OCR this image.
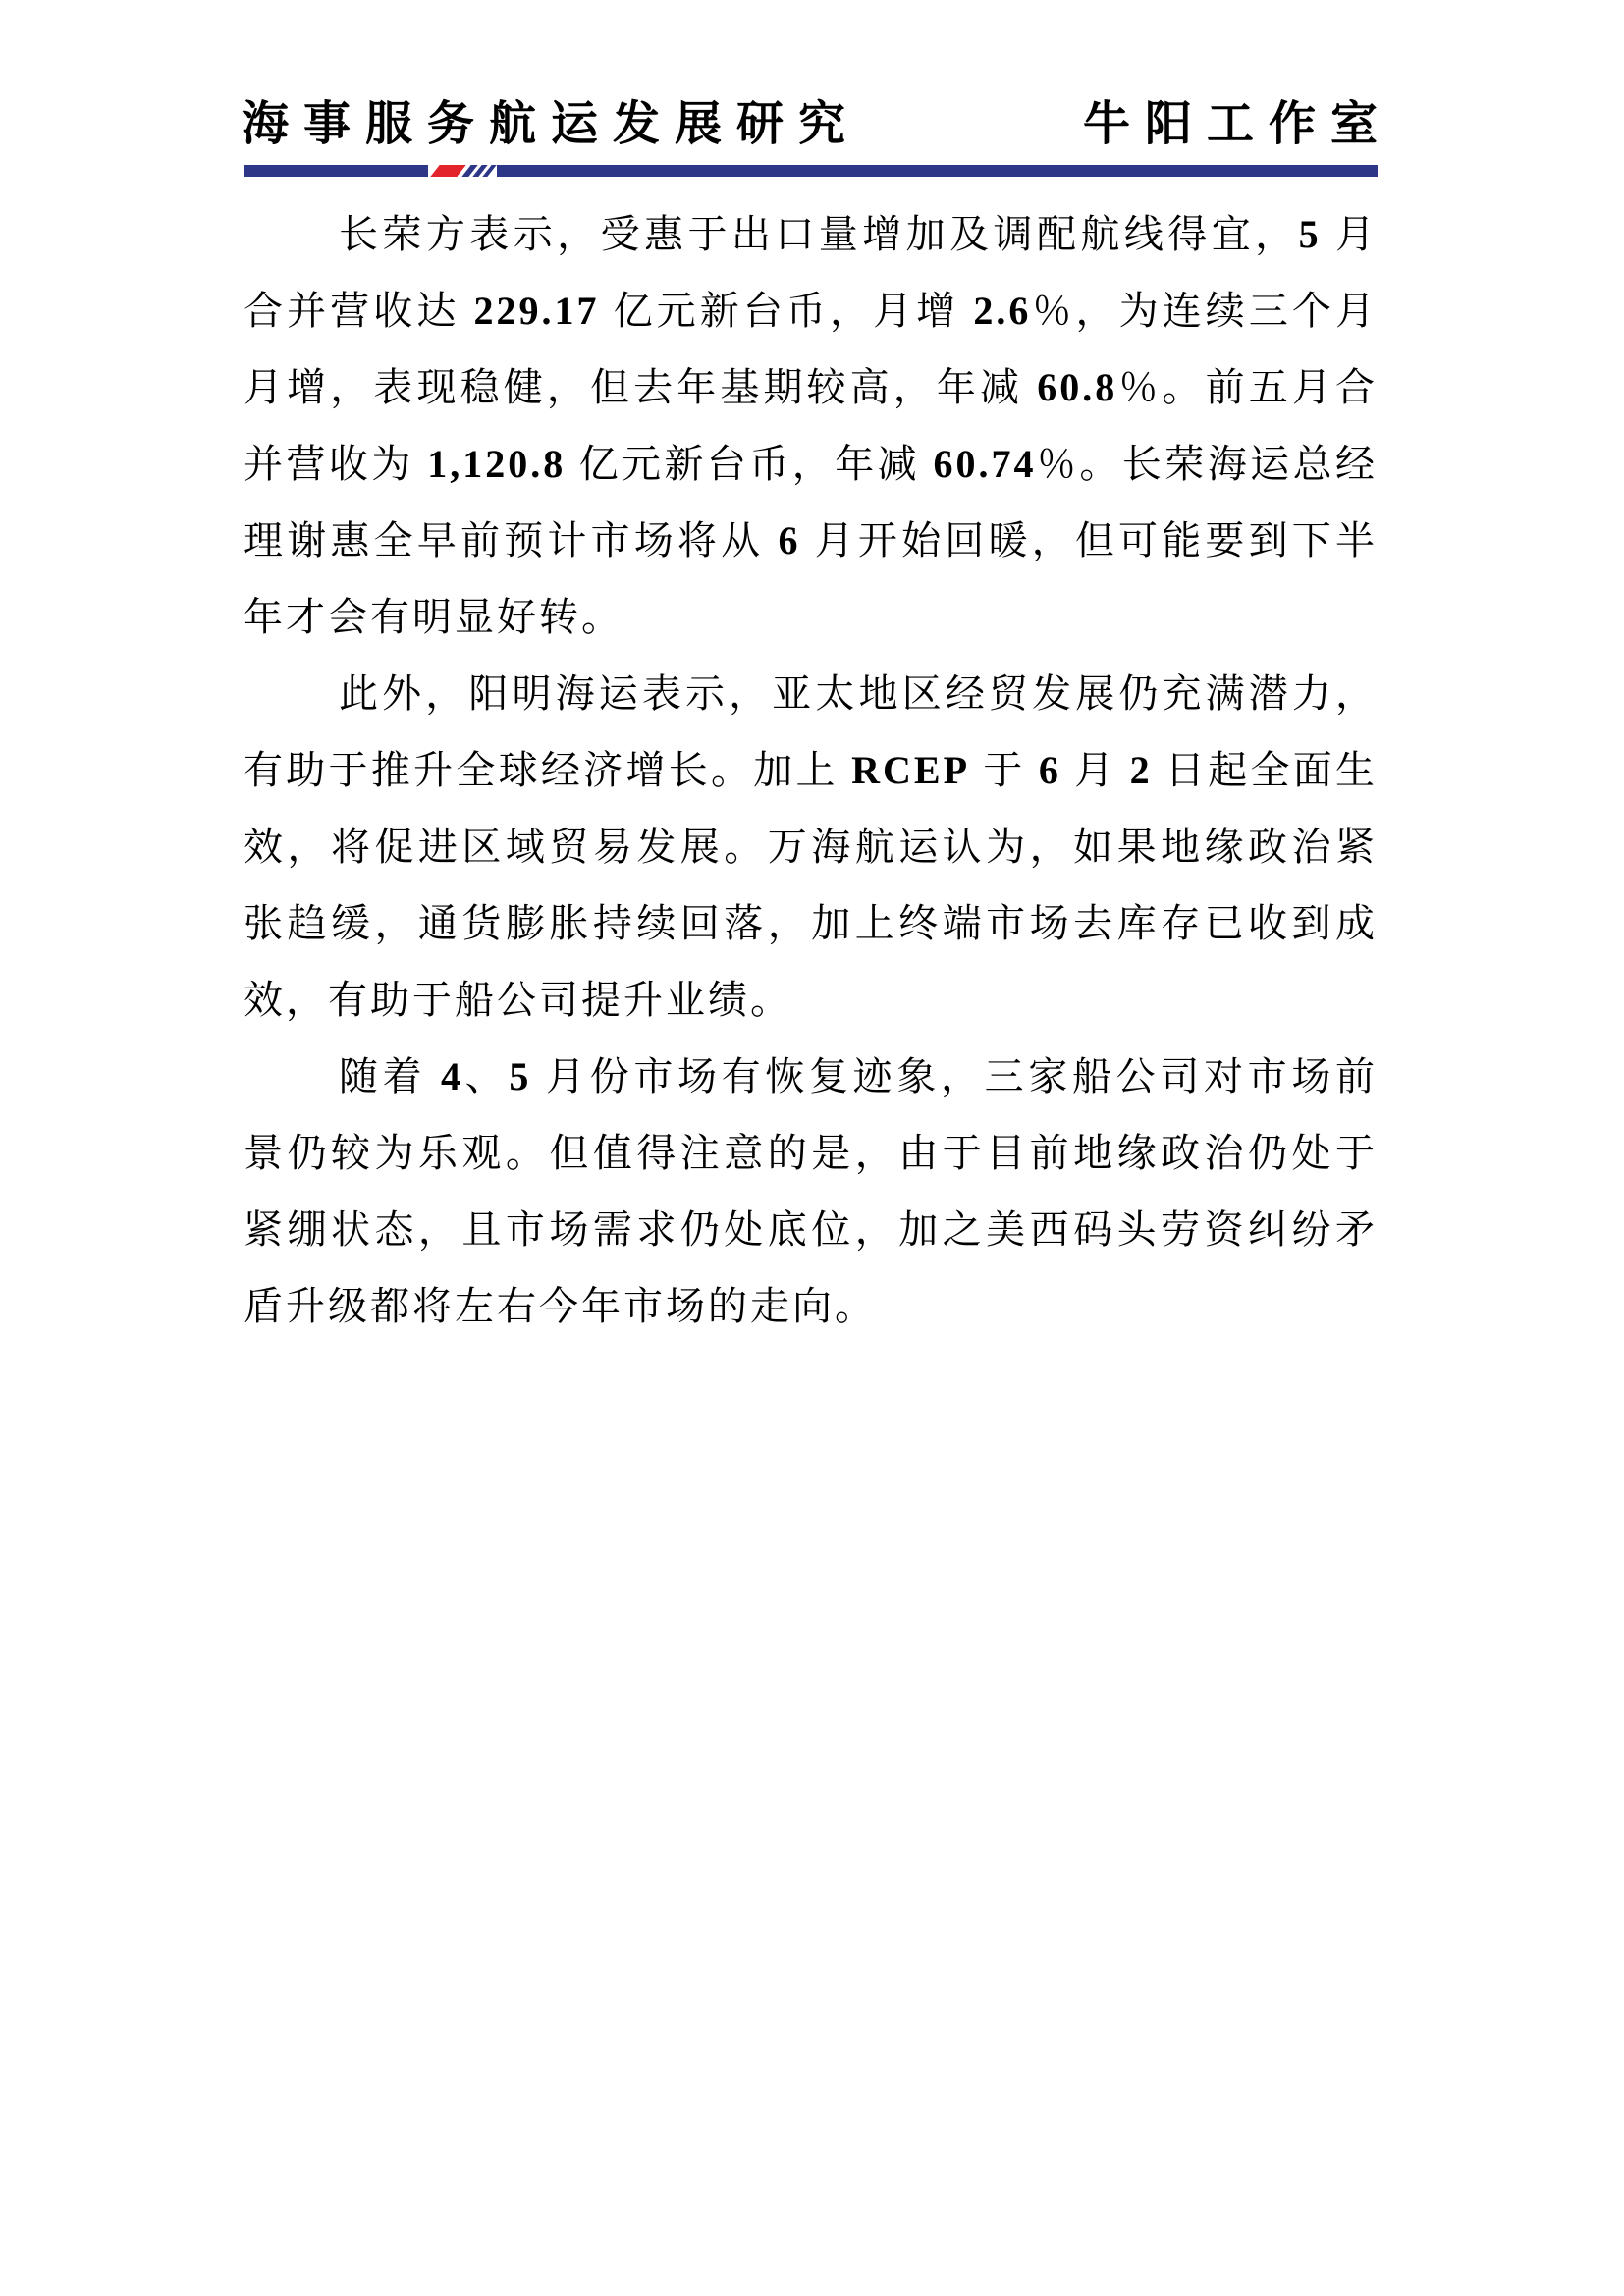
海事服务航运发展研究	牛阳工作室
长荣方表示，受惠于出口量增加及调配航线得宜，5 月
合并营收达 229.17 亿元新台币，月增 2.6％，为连续三个月
月增，表现稳健，但去年基期较高，年减 60.8％。前五月合
并营收为 1,120.8 亿元新台币，年减 60.74％。长荣海运总经
理谢惠全早前预计市场将从 6 月开始回暖，但可能要到下半
年才会有明显好转。
此外，阳明海运表示，亚太地区经贸发展仍充满潜力，
有助于推升全球经济增长。加上 RCEP 于 6 月 2 日起全面生
效，将促进区域贸易发展。万海航运认为，如果地缘政治紧
张趋缓，通货膨胀持续回落，加上终端市场去库存已收到成
效，有助于船公司提升业绩。
随着 4、5 月份市场有恢复迹象，三家船公司对市场前
景仍较为乐观。但值得注意的是，由于目前地缘政治仍处于
紧绷状态，且市场需求仍处底位，加之美西码头劳资纠纷矛
盾升级都将左右今年市场的走向。
